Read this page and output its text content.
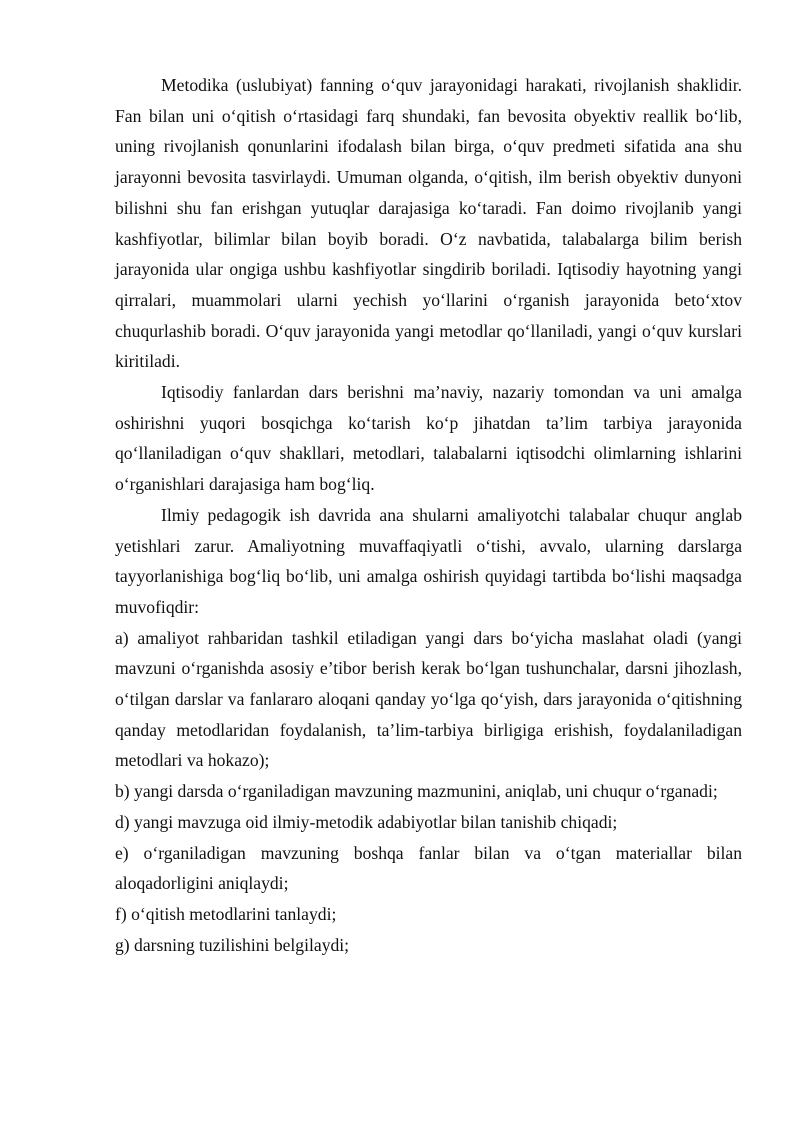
Metodika (uslubiyat) fanning o‘quv jarayonidagi harakati, rivojlanish shaklidir. Fan bilan uni o‘qitish o‘rtasidagi farq shundaki, fan bevosita obyektiv reallik bo‘lib, uning rivojlanish qonunlarini ifodalash bilan birga, o‘quv predmeti sifatida ana shu jarayonni bevosita tasvirlaydi. Umuman olganda, o‘qitish, ilm berish obyektiv dunyoni bilishni shu fan erishgan yutuqlar darajasiga ko‘taradi. Fan doimo rivojlanib yangi kashfiyotlar, bilimlar bilan boyib boradi. O‘z navbatida, talabalarga bilim berish jarayonida ular ongiga ushbu kashfiyotlar singdirib boriladi. Iqtisodiy hayotning yangi qirralari, muammolari ularni yechish yo‘llarini o‘rganish jarayonida beto‘xtov chuqurlashib boradi. O‘quv jarayonida yangi metodlar qo‘llaniladi, yangi o‘quv kurslari kiritiladi.

Iqtisodiy fanlardan dars berishni ma’naviy, nazariy tomondan va uni amalga oshirishni yuqori bosqichga ko‘tarish ko‘p jihatdan ta’lim tarbiya jarayonida qo‘llaniladigan o‘quv shakllari, metodlari, talabalarni iqtisodchi olimlarning ishlarini o‘rganishlari darajasiga ham bog‘liq.

Ilmiy pedagogik ish davrida ana shularni amaliyotchi talabalar chuqur anglab yetishlari zarur. Amaliyotning muvaffaqiyatli o‘tishi, avvalo, ularning darslarga tayyorlanishiga bog‘liq bo‘lib, uni amalga oshirish quyidagi tartibda bo‘lishi maqsadga muvofiqdir:

a) amaliyot rahbaridan tashkil etiladigan yangi dars bo‘yicha maslahat oladi (yangi mavzuni o‘rganishda asosiy e’tibor berish kerak bo‘lgan tushunchalar, darsni jihozlash, o‘tilgan darslar va fanlararo aloqani qanday yo‘lga qo‘yish, dars jarayonida o‘qitishning qanday metodlaridan foydalanish, ta’lim-tarbiya birligiga erishish, foydalaniladigan metodlari va hokazo);

b) yangi darsda o‘rganiladigan mavzuning mazmunini, aniqlab, uni chuqur o‘rganadi;

d) yangi mavzuga oid ilmiy-metodik adabiyotlar bilan tanishib chiqadi;

e) o‘rganiladigan mavzuning boshqa fanlar bilan va o‘tgan materiallar bilan aloqadorligini aniqlaydi;

f) o‘qitish metodlarini tanlaydi;

g) darsning tuzilishini belgilaydi;
